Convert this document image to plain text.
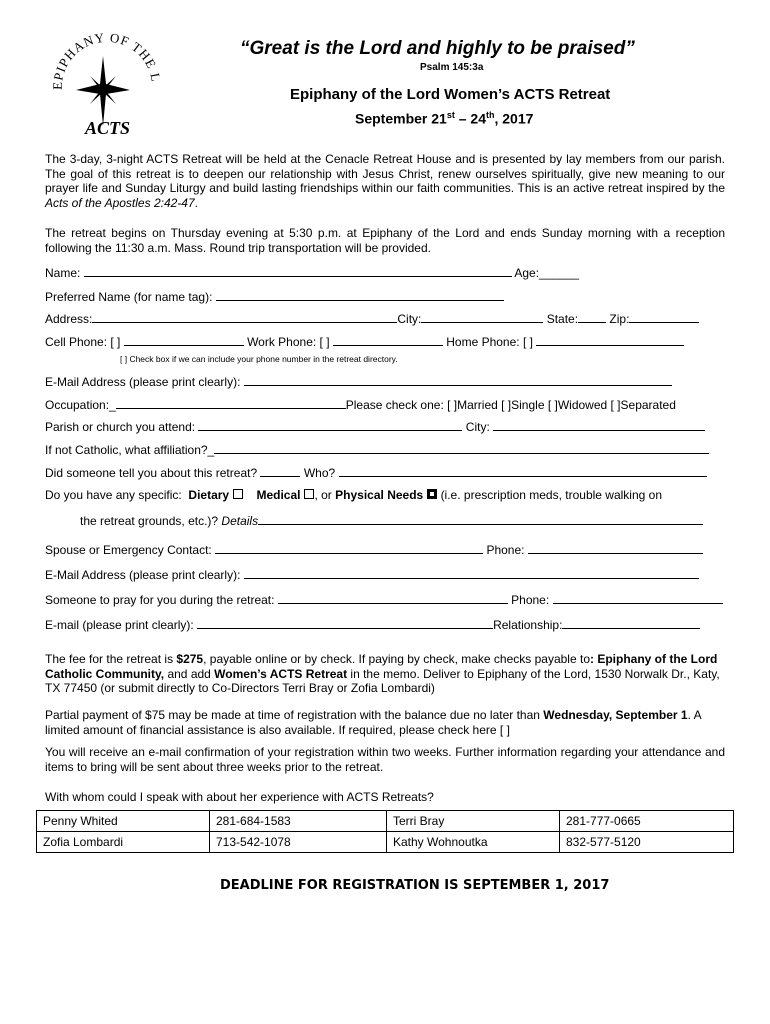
EPIPHANY OF THE L
ACTS
“Great is the Lord and highly to be praised”
Psalm 145:3a
Epiphany of the Lord Women’s ACTS Retreat
September 21st – 24th, 2017
The 3-day, 3-night ACTS Retreat will be held at the Cenacle Retreat House and is presented by lay members from our parish. The goal of this retreat is to deepen our relationship with Jesus Christ, renew ourselves spiritually, give new meaning to our prayer life and Sunday Liturgy and build lasting friendships within our faith communities. This is an active retreat inspired by the Acts of the Apostles 2:42-47.
The retreat begins on Thursday evening at 5:30 p.m. at Epiphany of the Lord and ends Sunday morning with a reception following the 11:30 a.m. Mass. Round trip transportation will be provided.
Name:	Age:______
Preferred Name (for name tag):
Address:	City:	State:	Zip:
Cell Phone: [ ]	Work Phone: [ ]	Home Phone: [ ]
[ ] Check box if we can include your phone number in the retreat directory.
E-Mail Address (please print clearly):
Occupation:_	Please check one: [ ]Married [ ]Single [ ]Widowed [ ]Separated
Parish or church you attend:	City:
If not Catholic, what affiliation?_
Did someone tell you about this retreat?	Who?
Do you have any specific: Dietary Medical , or Physical Needs (i.e. prescription meds, trouble walking on
the retreat grounds, etc.)? Details
Spouse or Emergency Contact:	Phone:
E-Mail Address (please print clearly):
Someone to pray for you during the retreat:	Phone:
E-mail (please print clearly):	Relationship:
The fee for the retreat is $275, payable online or by check. If paying by check, make checks payable to: Epiphany of the Lord Catholic Community, and add Women’s ACTS Retreat in the memo. Deliver to Epiphany of the Lord, 1530 Norwalk Dr., Katy, TX 77450 (or submit directly to Co-Directors Terri Bray or Zofia Lombardi)
Partial payment of $75 may be made at time of registration with the balance due no later than Wednesday, September 1. A limited amount of financial assistance is also available. If required, please check here [ ]
You will receive an e-mail confirmation of your registration within two weeks. Further information regarding your attendance and items to bring will be sent about three weeks prior to the retreat.
With whom could I speak with about her experience with ACTS Retreats?
Penny Whited	281-684-1583	Terri Bray	281-777-0665
Zofia Lombardi	713-542-1078	Kathy Wohnoutka	832-577-5120
DEADLINE FOR REGISTRATION IS SEPTEMBER 1, 2017
